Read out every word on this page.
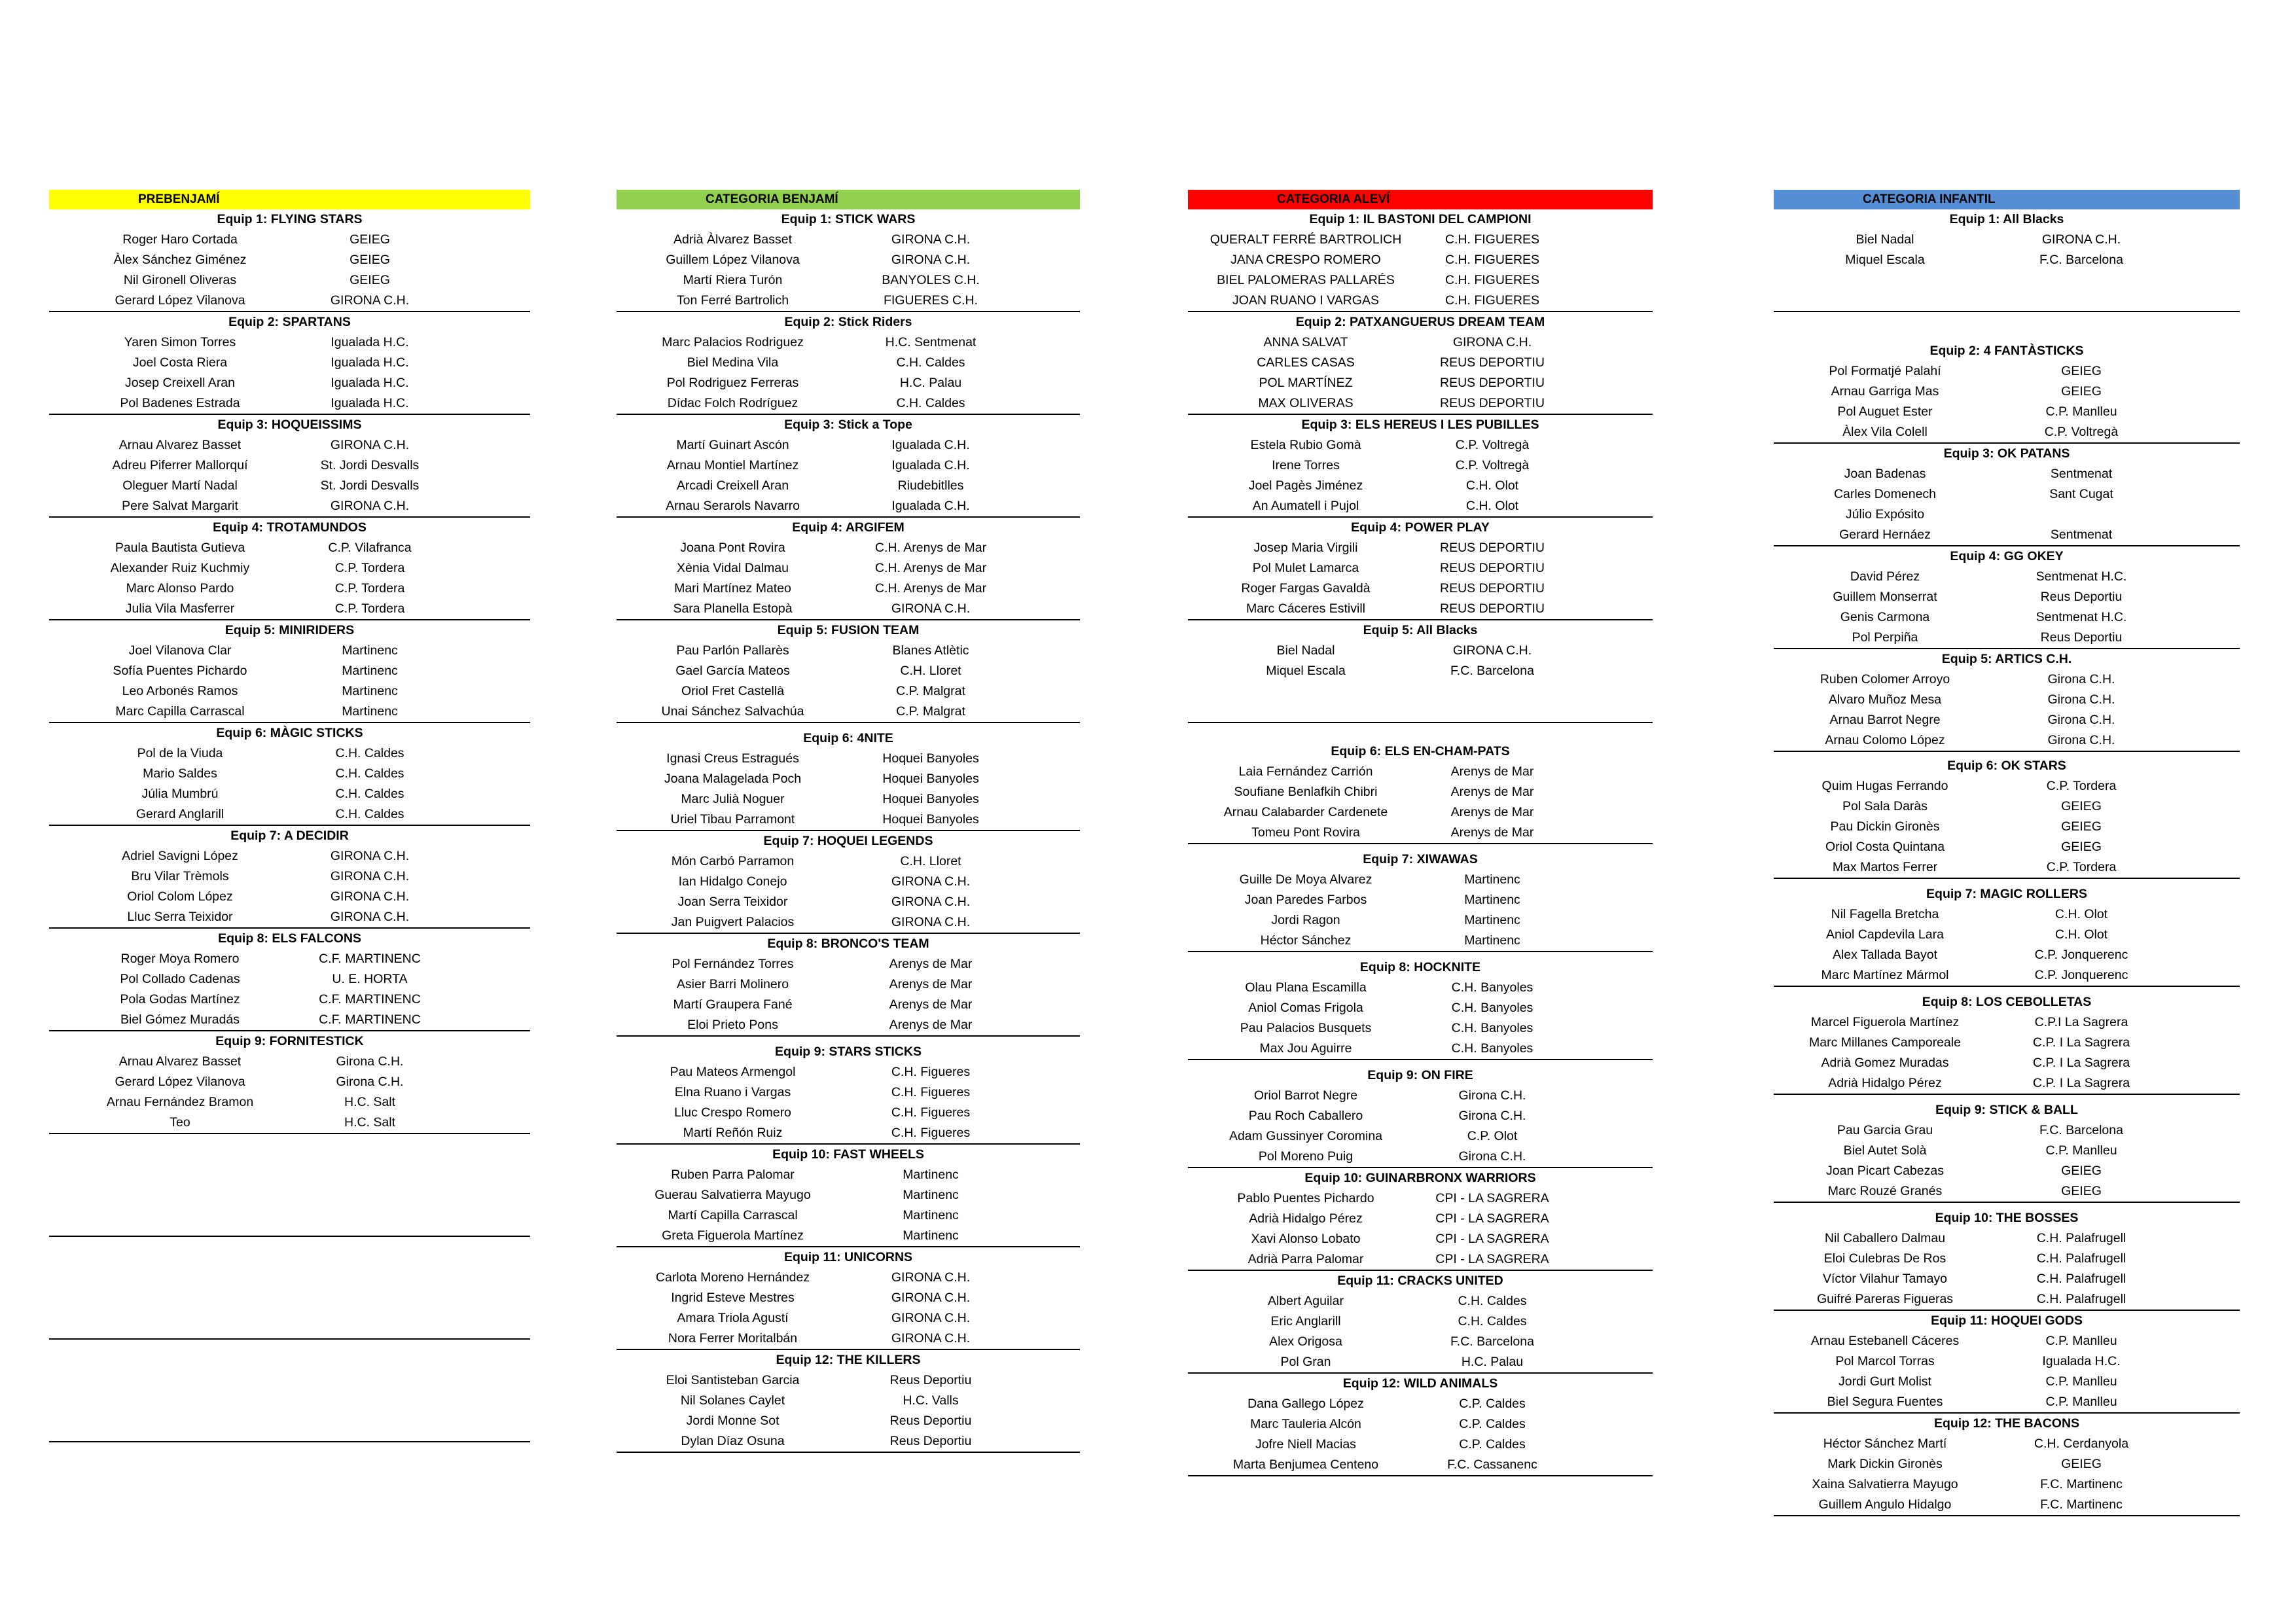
PREBENJAMÍ
Equip 1: FLYING STARS
Roger Haro Cortada	GEIEG
Àlex Sánchez Giménez	GEIEG
Nil Gironell Oliveras	GEIEG
Gerard López Vilanova	GIRONA C.H.
Equip 2: SPARTANS
Yaren Simon Torres	Igualada H.C.
Joel Costa Riera	Igualada H.C.
Josep Creixell Aran	Igualada H.C.
Pol Badenes Estrada	Igualada H.C.
Equip 3: HOQUEISSIMS
Arnau Alvarez Basset	GIRONA C.H.
Adreu Piferrer Mallorquí	St. Jordi Desvalls
Oleguer Martí Nadal	St. Jordi Desvalls
Pere Salvat Margarit	GIRONA C.H.
Equip 4: TROTAMUNDOS
Paula Bautista Gutieva	C.P. Vilafranca
Alexander Ruiz Kuchmiy	C.P. Tordera
Marc Alonso Pardo	C.P. Tordera
Julia Vila Masferrer	C.P. Tordera
Equip 5: MINIRIDERS
Joel Vilanova Clar	Martinenc
Sofía Puentes Pichardo	Martinenc
Leo Arbonés Ramos	Martinenc
Marc Capilla Carrascal	Martinenc
Equip 6: MÀGIC STICKS
Pol de la Viuda	C.H. Caldes
Mario Saldes	C.H. Caldes
Júlia Mumbrú	C.H. Caldes
Gerard Anglarill	C.H. Caldes
Equip 7: A DECIDIR
Adriel Savigni López	GIRONA C.H.
Bru Vilar Trèmols	GIRONA C.H.
Oriol Colom López	GIRONA C.H.
Lluc Serra Teixidor	GIRONA C.H.
Equip 8: ELS FALCONS
Roger Moya Romero	C.F. MARTINENC
Pol Collado Cadenas	U. E. HORTA
Pola Godas Martínez	C.F. MARTINENC
Biel Gómez Muradás	C.F. MARTINENC
Equip 9: FORNITESTICK
Arnau Alvarez Basset	Girona C.H.
Gerard López Vilanova	Girona C.H.
Arnau Fernández Bramon	H.C. Salt
Teo	H.C. Salt
CATEGORIA BENJAMÍ
Equip 1: STICK WARS
Adrià Àlvarez Basset	GIRONA C.H.
Guillem López Vilanova	GIRONA C.H.
Martí Riera Turón	BANYOLES C.H.
Ton Ferré Bartrolich	FIGUERES C.H.
Equip 2: Stick Riders
Marc Palacios Rodriguez	H.C. Sentmenat
Biel Medina Vila	C.H. Caldes
Pol Rodriguez Ferreras	H.C. Palau
Dídac Folch Rodríguez	C.H. Caldes
Equip 3: Stick a Tope
Martí Guinart Ascón	Igualada C.H.
Arnau Montiel Martínez	Igualada C.H.
Arcadi Creixell Aran	Riudebitlles
Arnau Serarols Navarro	Igualada C.H.
Equip 4: ARGIFEM
Joana Pont Rovira	C.H. Arenys de Mar
Xènia Vidal Dalmau	C.H. Arenys de Mar
Mari Martínez Mateo	C.H. Arenys de Mar
Sara Planella Estopà	GIRONA C.H.
Equip 5: FUSION TEAM
Pau Parlón Pallarès	Blanes Atlètic
Gael García Mateos	C.H. Lloret
Oriol Fret Castellà	C.P. Malgrat
Unai Sánchez Salvachúa	C.P. Malgrat
Equip 6: 4NITE
Ignasi Creus Estragués	Hoquei Banyoles
Joana Malagelada Poch	Hoquei Banyoles
Marc Julià Noguer	Hoquei Banyoles
Uriel Tibau Parramont	Hoquei Banyoles
Equip 7: HOQUEI LEGENDS
Món Carbó Parramon	C.H. Lloret
Ian Hidalgo Conejo	GIRONA C.H.
Joan Serra Teixidor	GIRONA C.H.
Jan Puigvert Palacios	GIRONA C.H.
Equip 8: BRONCO'S TEAM
Pol Fernández Torres	Arenys de Mar
Asier Barri Molinero	Arenys de Mar
Martí Graupera Fané	Arenys de Mar
Eloi Prieto Pons	Arenys de Mar
Equip 9: STARS STICKS
Pau Mateos Armengol	C.H. Figueres
Elna Ruano i Vargas	C.H. Figueres
Lluc Crespo Romero	C.H. Figueres
Martí Reñón Ruiz	C.H. Figueres
Equip 10: FAST WHEELS
Ruben Parra Palomar	Martinenc
Guerau Salvatierra Mayugo	Martinenc
Martí Capilla Carrascal	Martinenc
Greta Figuerola Martínez	Martinenc
Equip 11: UNICORNS
Carlota Moreno Hernández	GIRONA C.H.
Ingrid Esteve Mestres	GIRONA C.H.
Amara Triola Agustí	GIRONA C.H.
Nora Ferrer Moritalbán	GIRONA C.H.
Equip 12: THE KILLERS
Eloi Santisteban Garcia	Reus Deportiu
Nil Solanes Caylet	H.C. Valls
Jordi Monne Sot	Reus Deportiu
Dylan Díaz Osuna	Reus Deportiu
CATEGORIA ALEVÍ
Equip 1: IL BASTONI DEL CAMPIONI
QUERALT FERRÉ BARTROLICH	C.H. FIGUERES
JANA CRESPO ROMERO	C.H. FIGUERES
BIEL PALOMERAS PALLARÉS	C.H. FIGUERES
JOAN RUANO I VARGAS	C.H. FIGUERES
Equip 2: PATXANGUERUS DREAM TEAM
ANNA SALVAT	GIRONA C.H.
CARLES CASAS	REUS DEPORTIU
POL MARTÍNEZ	REUS DEPORTIU
MAX OLIVERAS	REUS DEPORTIU
Equip 3: ELS HEREUS I LES PUBILLES
Estela Rubio Gomà	C.P. Voltregà
Irene Torres	C.P. Voltregà
Joel Pagès Jiménez	C.H. Olot
An Aumatell i Pujol	C.H. Olot
Equip 4: POWER PLAY
Josep Maria Virgili	REUS DEPORTIU
Pol Mulet Lamarca	REUS DEPORTIU
Roger Fargas Gavaldà	REUS DEPORTIU
Marc Cáceres Estivill	REUS DEPORTIU
Equip 5: All Blacks
Biel Nadal	GIRONA C.H.
Miquel Escala	F.C. Barcelona
Equip 6: ELS EN-CHAM-PATS
Laia Fernández Carrión	Arenys de Mar
Soufiane Benlafkih Chibri	Arenys de Mar
Arnau Calabarder Cardenete	Arenys de Mar
Tomeu Pont Rovira	Arenys de Mar
Equip 7: XIWAWAS
Guille De Moya Alvarez	Martinenc
Joan Paredes Farbos	Martinenc
Jordi Ragon	Martinenc
Héctor Sánchez	Martinenc
Equip 8: HOCKNITE
Olau Plana Escamilla	C.H. Banyoles
Aniol Comas Frigola	C.H. Banyoles
Pau Palacios Busquets	C.H. Banyoles
Max Jou Aguirre	C.H. Banyoles
Equip 9: ON FIRE
Oriol Barrot Negre	Girona C.H.
Pau Roch Caballero	Girona C.H.
Adam Gussinyer Coromina	C.P. Olot
Pol Moreno Puig	Girona C.H.
Equip 10: GUINARBRONX WARRIORS
Pablo Puentes Pichardo	CPI - LA SAGRERA
Adrià Hidalgo Pérez	CPI - LA SAGRERA
Xavi Alonso Lobato	CPI - LA SAGRERA
Adrià Parra Palomar	CPI - LA SAGRERA
Equip 11: CRACKS UNITED
Albert Aguilar	C.H. Caldes
Eric Anglarill	C.H. Caldes
Alex Origosa	F.C. Barcelona
Pol Gran	H.C. Palau
Equip 12: WILD ANIMALS
Dana Gallego López	C.P. Caldes
Marc Tauleria Alcón	C.P. Caldes
Jofre Niell Macias	C.P. Caldes
Marta Benjumea Centeno	F.C. Cassanenc
CATEGORIA INFANTIL
Equip 1: All Blacks
Biel Nadal	GIRONA C.H.
Miquel Escala	F.C. Barcelona
Equip 2: 4 FANTÀSTICKS
Pol Formatjé Palahí	GEIEG
Arnau Garriga Mas	GEIEG
Pol Auguet Ester	C.P. Manlleu
Àlex Vila Colell	C.P. Voltregà
Equip 3: OK PATANS
Joan Badenas	Sentmenat
Carles Domenech	Sant Cugat
Júlio Expósito
Gerard Hernáez	Sentmenat
Equip 4: GG OKEY
David Pérez	Sentmenat H.C.
Guillem Monserrat	Reus Deportiu
Genis Carmona	Sentmenat H.C.
Pol Perpiña	Reus Deportiu
Equip 5: ARTICS C.H.
Ruben Colomer Arroyo	Girona C.H.
Alvaro Muñoz Mesa	Girona C.H.
Arnau Barrot Negre	Girona C.H.
Arnau Colomo López	Girona C.H.
Equip 6: OK STARS
Quim Hugas Ferrando	C.P. Tordera
Pol Sala Daràs	GEIEG
Pau Dickin Gironès	GEIEG
Oriol Costa Quintana	GEIEG
Max Martos Ferrer	C.P. Tordera
Equip 7: MAGIC ROLLERS
Nil Fagella Bretcha	C.H. Olot
Aniol Capdevila Lara	C.H. Olot
Alex Tallada Bayot	C.P. Jonquerenc
Marc Martínez Mármol	C.P. Jonquerenc
Equip 8: LOS CEBOLLETAS
Marcel Figuerola Martínez	C.P.I La Sagrera
Marc Millanes Camporeale	C.P. I La Sagrera
Adrià Gomez Muradas	C.P. I La Sagrera
Adrià Hidalgo Pérez	C.P. I La Sagrera
Equip 9: STICK & BALL
Pau Garcia Grau	F.C. Barcelona
Biel Autet Solà	C.P. Manlleu
Joan Picart Cabezas	GEIEG
Marc Rouzé Granés	GEIEG
Equip 10: THE BOSSES
Nil Caballero Dalmau	C.H. Palafrugell
Eloi Culebras De Ros	C.H. Palafrugell
Víctor Vilahur Tamayo	C.H. Palafrugell
Guifré Pareras Figueras	C.H. Palafrugell
Equip 11: HOQUEI GODS
Arnau Estebanell Cáceres	C.P. Manlleu
Pol Marcol Torras	Igualada H.C.
Jordi Gurt Molist	C.P. Manlleu
Biel Segura Fuentes	C.P. Manlleu
Equip 12: THE BACONS
Héctor Sánchez Martí	C.H. Cerdanyola
Mark Dickin Gironès	GEIEG
Xaina Salvatierra Mayugo	F.C. Martinenc
Guillem Angulo Hidalgo	F.C. Martinenc
